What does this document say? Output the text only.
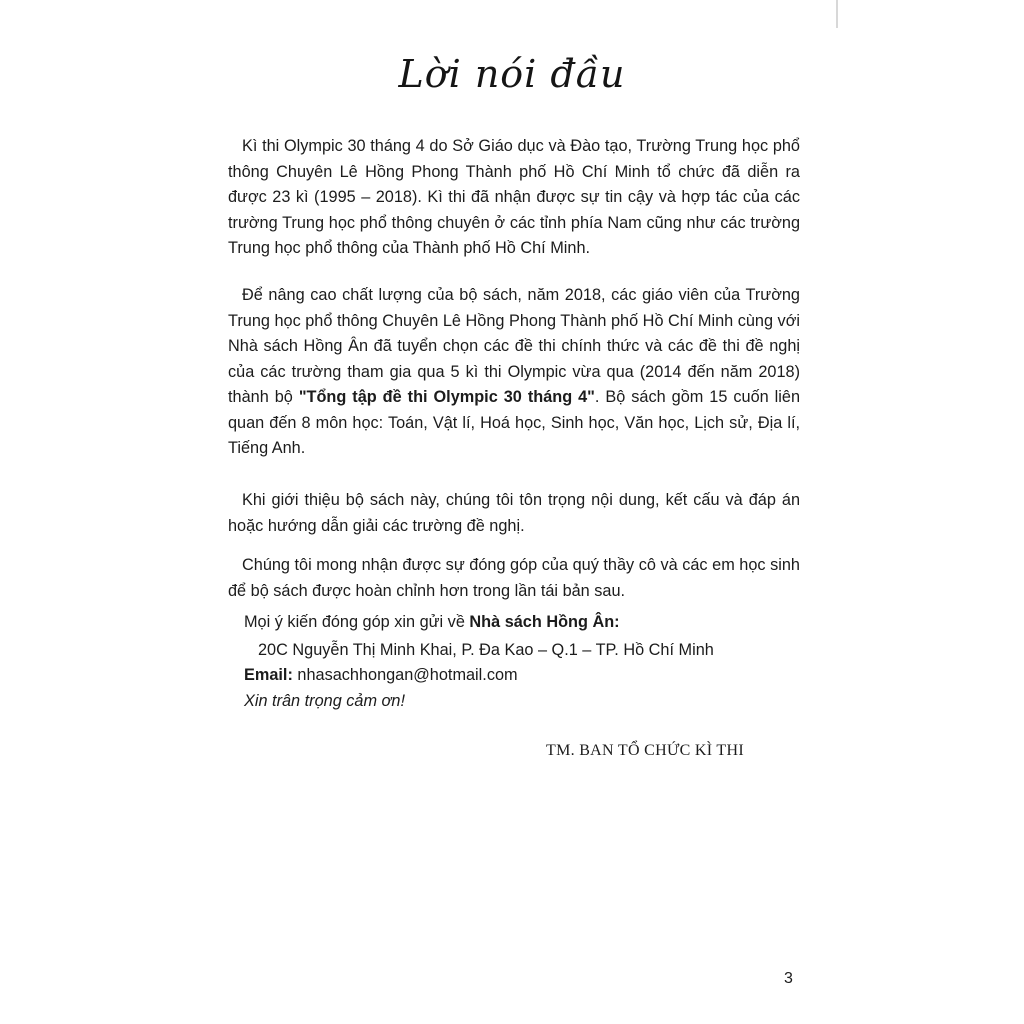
Lời nói đầu

Kì thi Olympic 30 tháng 4 do Sở Giáo dục và Đào tạo, Trường Trung học phổ thông Chuyên Lê Hồng Phong Thành phố Hồ Chí Minh tổ chức đã diễn ra được 23 kì (1995 – 2018). Kì thi đã nhận được sự tin cậy và hợp tác của các trường Trung học phổ thông chuyên ở các tỉnh phía Nam cũng như các trường Trung học phổ thông của Thành phố Hồ Chí Minh.

Để nâng cao chất lượng của bộ sách, năm 2018, các giáo viên của Trường Trung học phổ thông Chuyên Lê Hồng Phong Thành phố Hồ Chí Minh cùng với Nhà sách Hồng Ân đã tuyển chọn các đề thi chính thức và các đề thi đề nghị của các trường tham gia qua 5 kì thi Olympic vừa qua (2014 đến năm 2018) thành bộ "Tổng tập đề thi Olympic 30 tháng 4". Bộ sách gồm 15 cuốn liên quan đến 8 môn học: Toán, Vật lí, Hoá học, Sinh học, Văn học, Lịch sử, Địa lí, Tiếng Anh.

Khi giới thiệu bộ sách này, chúng tôi tôn trọng nội dung, kết cấu và đáp án hoặc hướng dẫn giải các trường đề nghị.

Chúng tôi mong nhận được sự đóng góp của quý thầy cô và các em học sinh để bộ sách được hoàn chỉnh hơn trong lần tái bản sau.

Mọi ý kiến đóng góp xin gửi về Nhà sách Hồng Ân:
20C Nguyễn Thị Minh Khai, P. Đa Kao – Q.1 – TP. Hồ Chí Minh
Email: nhasachhongan@hotmail.com
Xin trân trọng cảm ơn!
TM. BAN TỔ CHỨC KÌ THI
3
